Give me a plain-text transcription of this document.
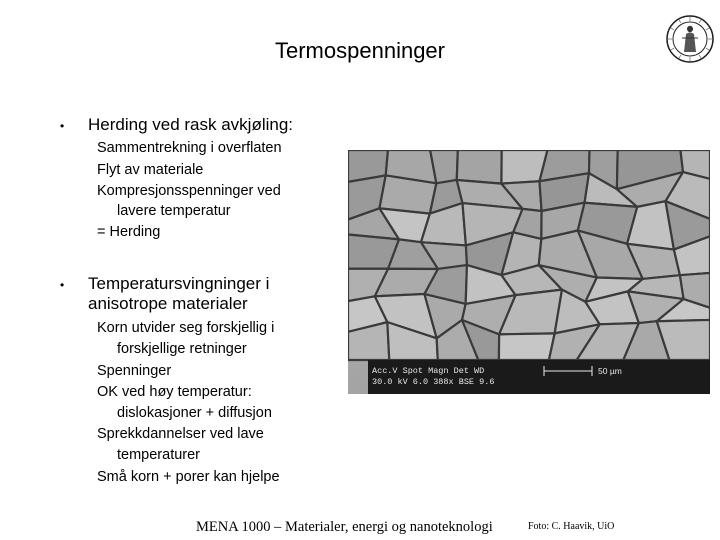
Termospenninger
•	Herding ved rask avkjøling:
Sammentrekning i overflaten
Flyt av materiale
Kompresjonsspenninger ved
lavere temperatur
= Herding
•	Temperatursvingninger i
anisotrope materialer
Korn utvider seg forskjellig i
forskjellige retninger
Spenninger
OK ved høy temperatur:
dislokasjoner + diffusjon
Sprekkdannelser ved lave
temperaturer
Små korn + porer kan hjelpe
Acc.V Spot Magn Det WD
30.0 kV 6.0 388x BSE 9.6
50 µm
MENA 1000 – Materialer, energi og nanoteknologi	Foto: C. Haavik, UiO
